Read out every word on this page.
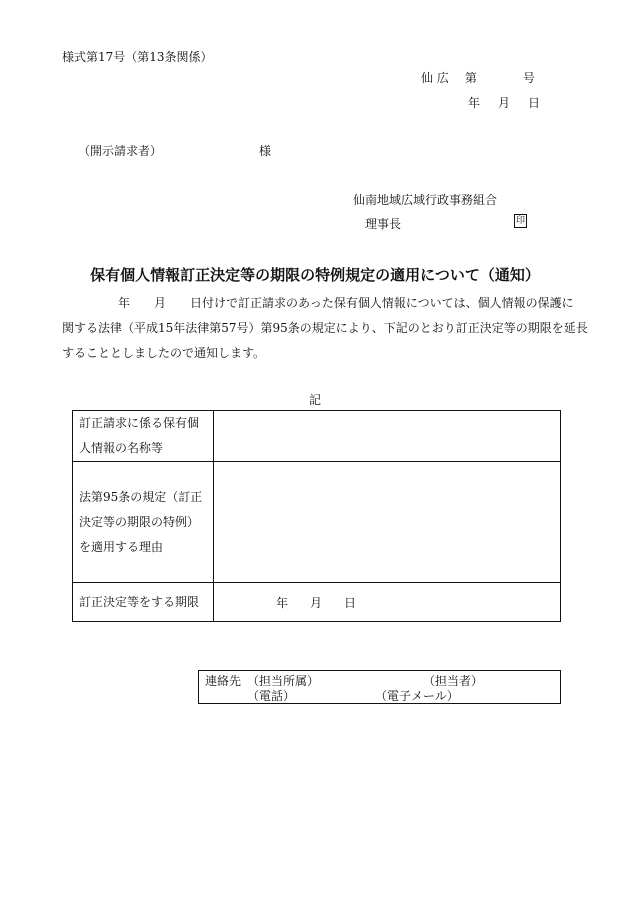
様式第17号（第13条関係）
仙 広 第	号
年 月 日
（開示請求者）	様
仙南地域広域行政事務組合
理事長	印
保有個人情報訂正決定等の期限の特例規定の適用について（通知）
年 月 日付けで訂正請求のあった保有個人情報については、個人情報の保護に
関する法律（平成15年法律第57号）第95条の規定により、下記のとおり訂正決定等の期限を延長
することとしましたので通知します。
記
訂正請求に係る保有個
人情報の名称等	

法第95条の規定（訂正
決定等の期限の特例）
を適用する理由	

訂正決定等をする期限	年 月 日
連絡先 （担当所属）	（担当者）
（電話）	（電子メール）
